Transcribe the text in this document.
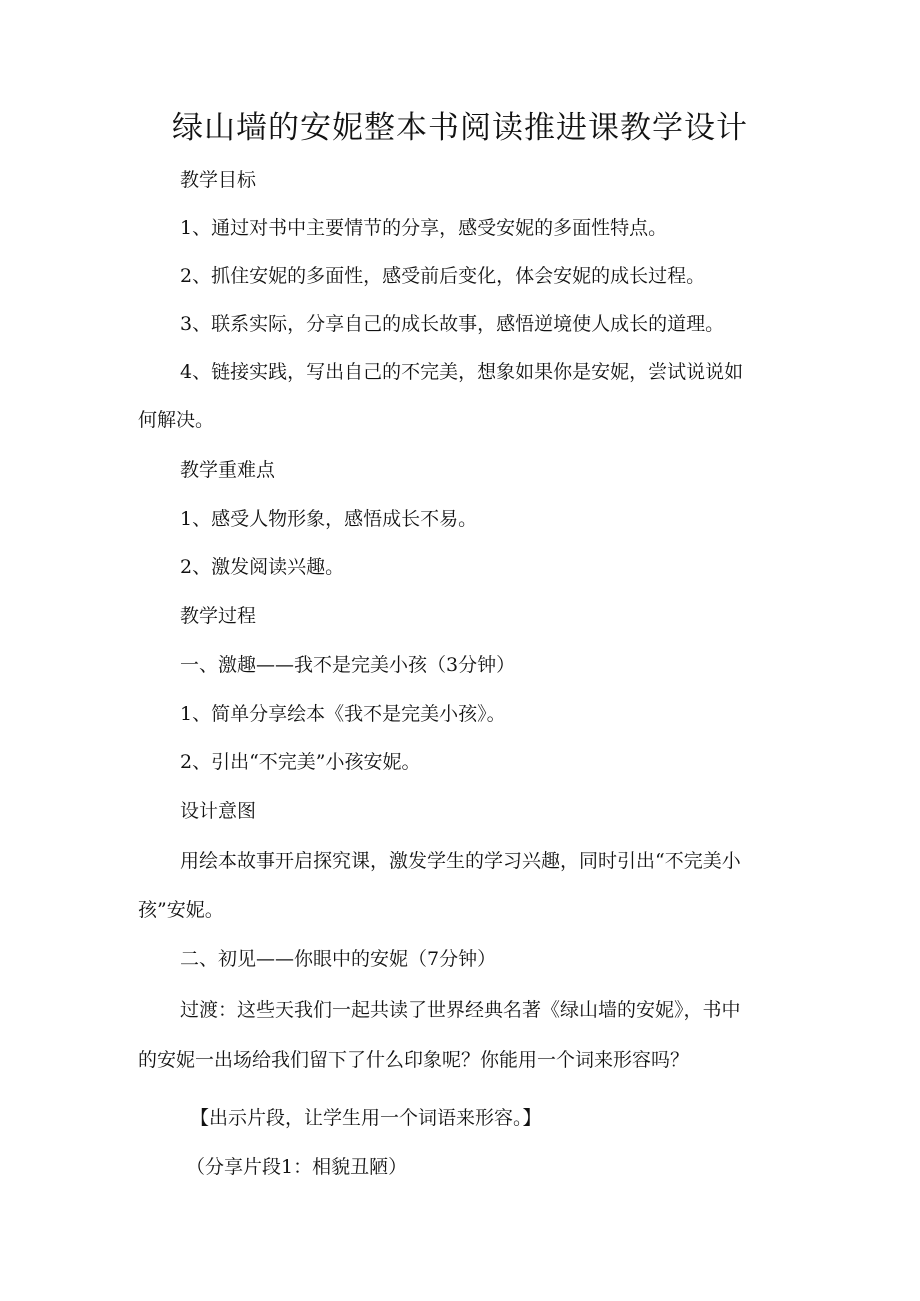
绿山墙的安妮整本书阅读推进课教学设计
教学目标
1、通过对书中主要情节的分享，感受安妮的多面性特点。
2、抓住安妮的多面性，感受前后变化，体会安妮的成长过程。
3、联系实际，分享自己的成长故事，感悟逆境使人成长的道理。
4、链接实践，写出自己的不完美，想象如果你是安妮，尝试说说如
何解决。
教学重难点
1、感受人物形象，感悟成长不易。
2、激发阅读兴趣。
教学过程
一、激趣——我不是完美小孩（3分钟）
1、简单分享绘本《我不是完美小孩》。
2、引出“不完美”小孩安妮。
设计意图
用绘本故事开启探究课，激发学生的学习兴趣，同时引出“不完美小
孩”安妮。
二、初见——你眼中的安妮（7分钟）
过渡：这些天我们一起共读了世界经典名著《绿山墙的安妮》，书中
的安妮一出场给我们留下了什么印象呢？你能用一个词来形容吗？
【出示片段，让学生用一个词语来形容。】
（分享片段1：相貌丑陋）
